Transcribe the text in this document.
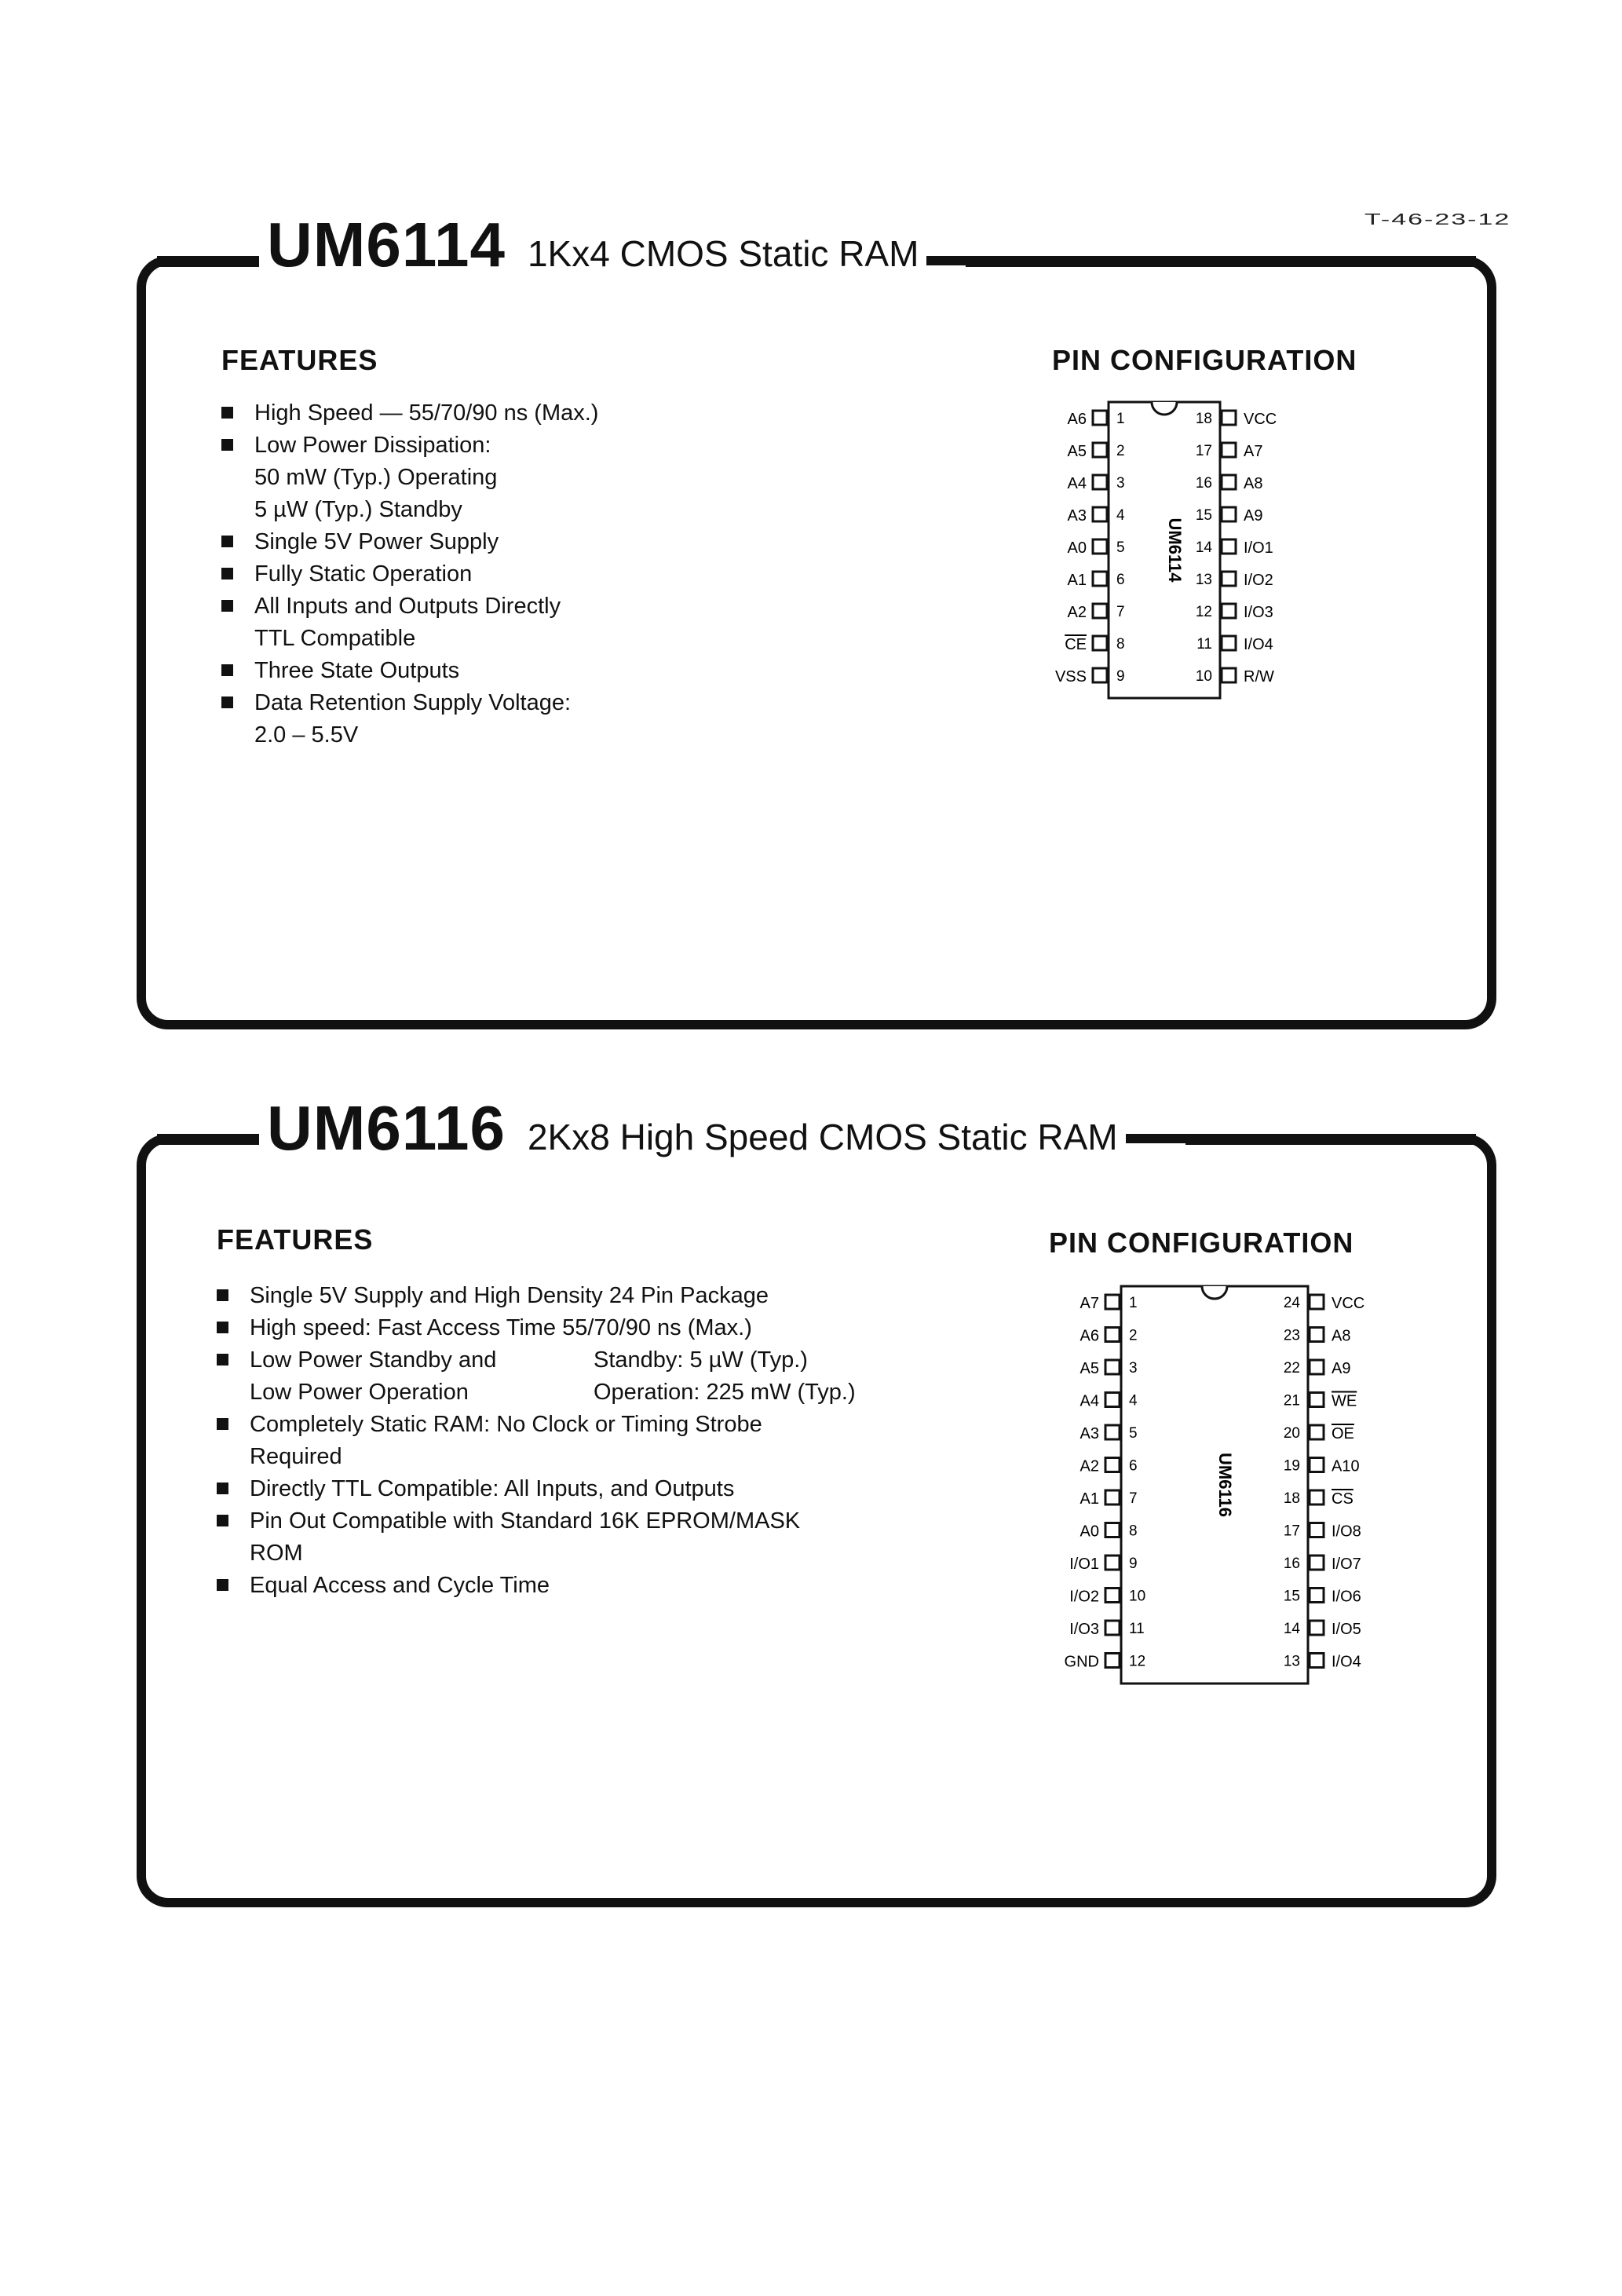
T-46-23-12
UM6114 1Kx4 CMOS Static RAM
FEATURES
High Speed — 55/70/90 ns (Max.)
Low Power Dissipation:
50 mW (Typ.) Operating
5 µW (Typ.) Standby
Single 5V Power Supply
Fully Static Operation
All Inputs and Outputs Directly
TTL Compatible
Three State Outputs
Data Retention Supply Voltage:
2.0 – 5.5V
PIN CONFIGURATION
UM6114
1
A6
2
A5
3
A4
4
A3
5
A0
6
A1
7
A2
8
CE
9
VSS
18 VCC
17 A7
16 A8
15 A9
14 I/O1
13 I/O2
12 I/O3
11 I/O4
10 R/W
UM6116 2Kx8 High Speed CMOS Static RAM
FEATURES
Single 5V Supply and High Density 24 Pin Package
High speed: Fast Access Time 55/70/90 ns (Max.)
Low Power Standby and	Standby: 5 µW (Typ.)
Low Power Operation	Operation: 225 mW (Typ.)
Completely Static RAM: No Clock or Timing Strobe
Required
Directly TTL Compatible: All Inputs, and Outputs
Pin Out Compatible with Standard 16K EPROM/MASK
ROM
Equal Access and Cycle Time
PIN CONFIGURATION
UM6116
1
A7
2
A6
3
A5
4
A4
5
A3
6
A2
7
A1
8
A0
9
I/O1
10
I/O2
11
I/O3
12
GND
24 VCC
23 A8
22 A9
21 WE
20 OE
19 A10
18 CS
17 I/O8
16 I/O7
15 I/O6
14 I/O5
13 I/O4
